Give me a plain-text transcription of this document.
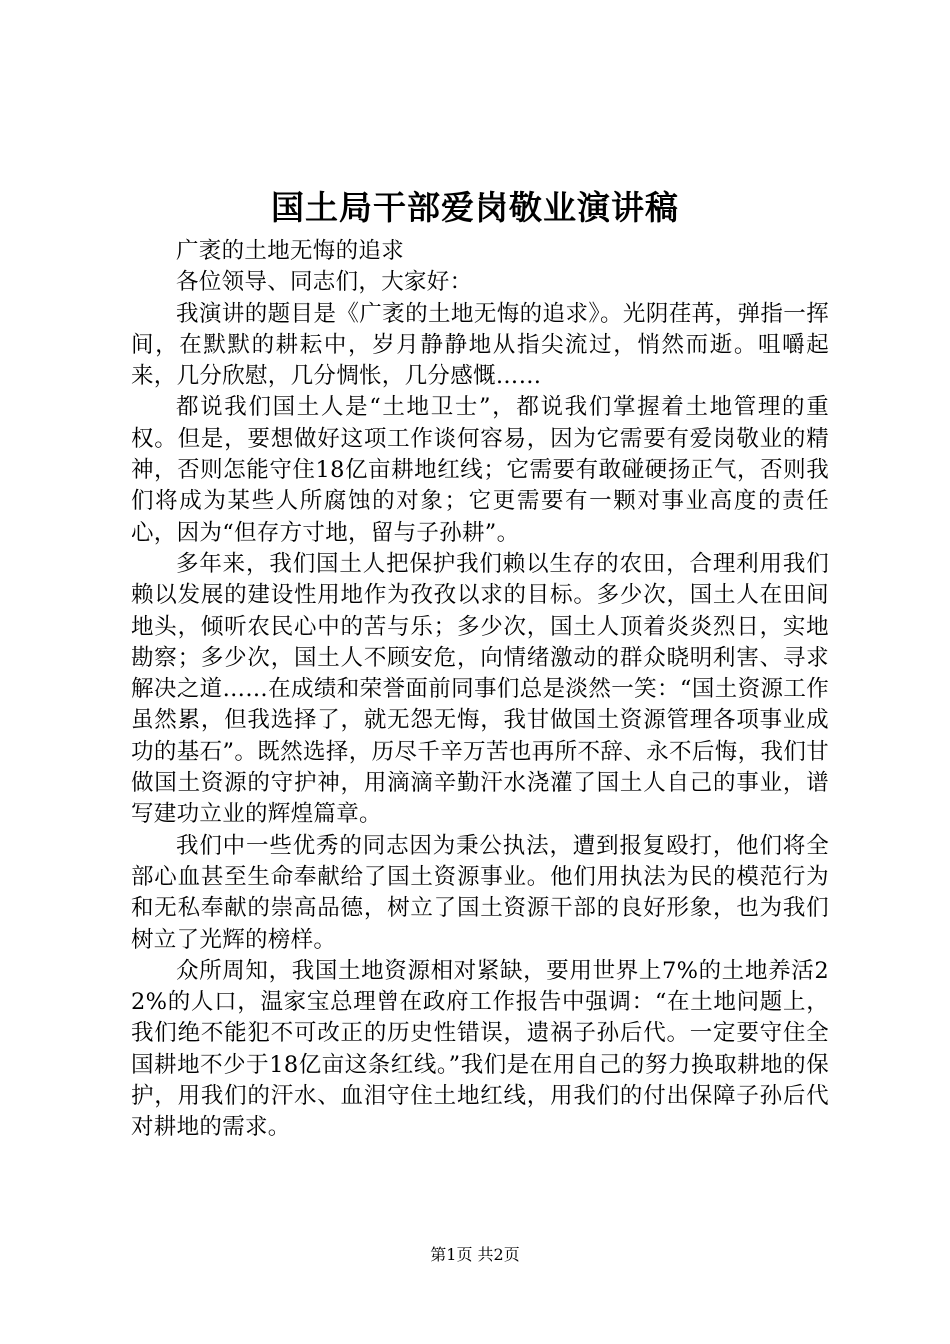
国土局干部爱岗敬业演讲稿

广袤的土地无悔的追求

各位领导、同志们，大家好：

我演讲的题目是《广袤的土地无悔的追求》。光阴荏苒，弹指一挥间，在默默的耕耘中，岁月静静地从指尖流过，悄然而逝。咀嚼起来，几分欣慰，几分惆怅，几分感慨……

都说我们国土人是“土地卫士”，都说我们掌握着土地管理的重权。但是，要想做好这项工作谈何容易，因为它需要有爱岗敬业的精神，否则怎能守住18亿亩耕地红线；它需要有敢碰硬扬正气，否则我们将成为某些人所腐蚀的对象；它更需要有一颗对事业高度的责任心，因为“但存方寸地，留与子孙耕”。

多年来，我们国土人把保护我们赖以生存的农田，合理利用我们赖以发展的建设性用地作为孜孜以求的目标。多少次，国土人在田间地头，倾听农民心中的苦与乐；多少次，国土人顶着炎炎烈日，实地勘察；多少次，国土人不顾安危，向情绪激动的群众晓明利害、寻求解决之道……在成绩和荣誉面前同事们总是淡然一笑：“国土资源工作虽然累，但我选择了，就无怨无悔，我甘做国土资源管理各项事业成功的基石”。既然选择，历尽千辛万苦也再所不辞、永不后悔，我们甘做国土资源的守护神，用滴滴辛勤汗水浇灌了国土人自己的事业，谱写建功立业的辉煌篇章。

我们中一些优秀的同志因为秉公执法，遭到报复殴打，他们将全部心血甚至生命奉献给了国土资源事业。他们用执法为民的模范行为和无私奉献的崇高品德，树立了国土资源干部的良好形象，也为我们树立了光辉的榜样。

众所周知，我国土地资源相对紧缺，要用世界上7%的土地养活22%的人口，温家宝总理曾在政府工作报告中强调：“在土地问题上，我们绝不能犯不可改正的历史性错误，遗祸子孙后代。一定要守住全国耕地不少于18亿亩这条红线。”我们是在用自己的努力换取耕地的保护，用我们的汗水、血泪守住土地红线，用我们的付出保障子孙后代对耕地的需求。

第1页 共2页
